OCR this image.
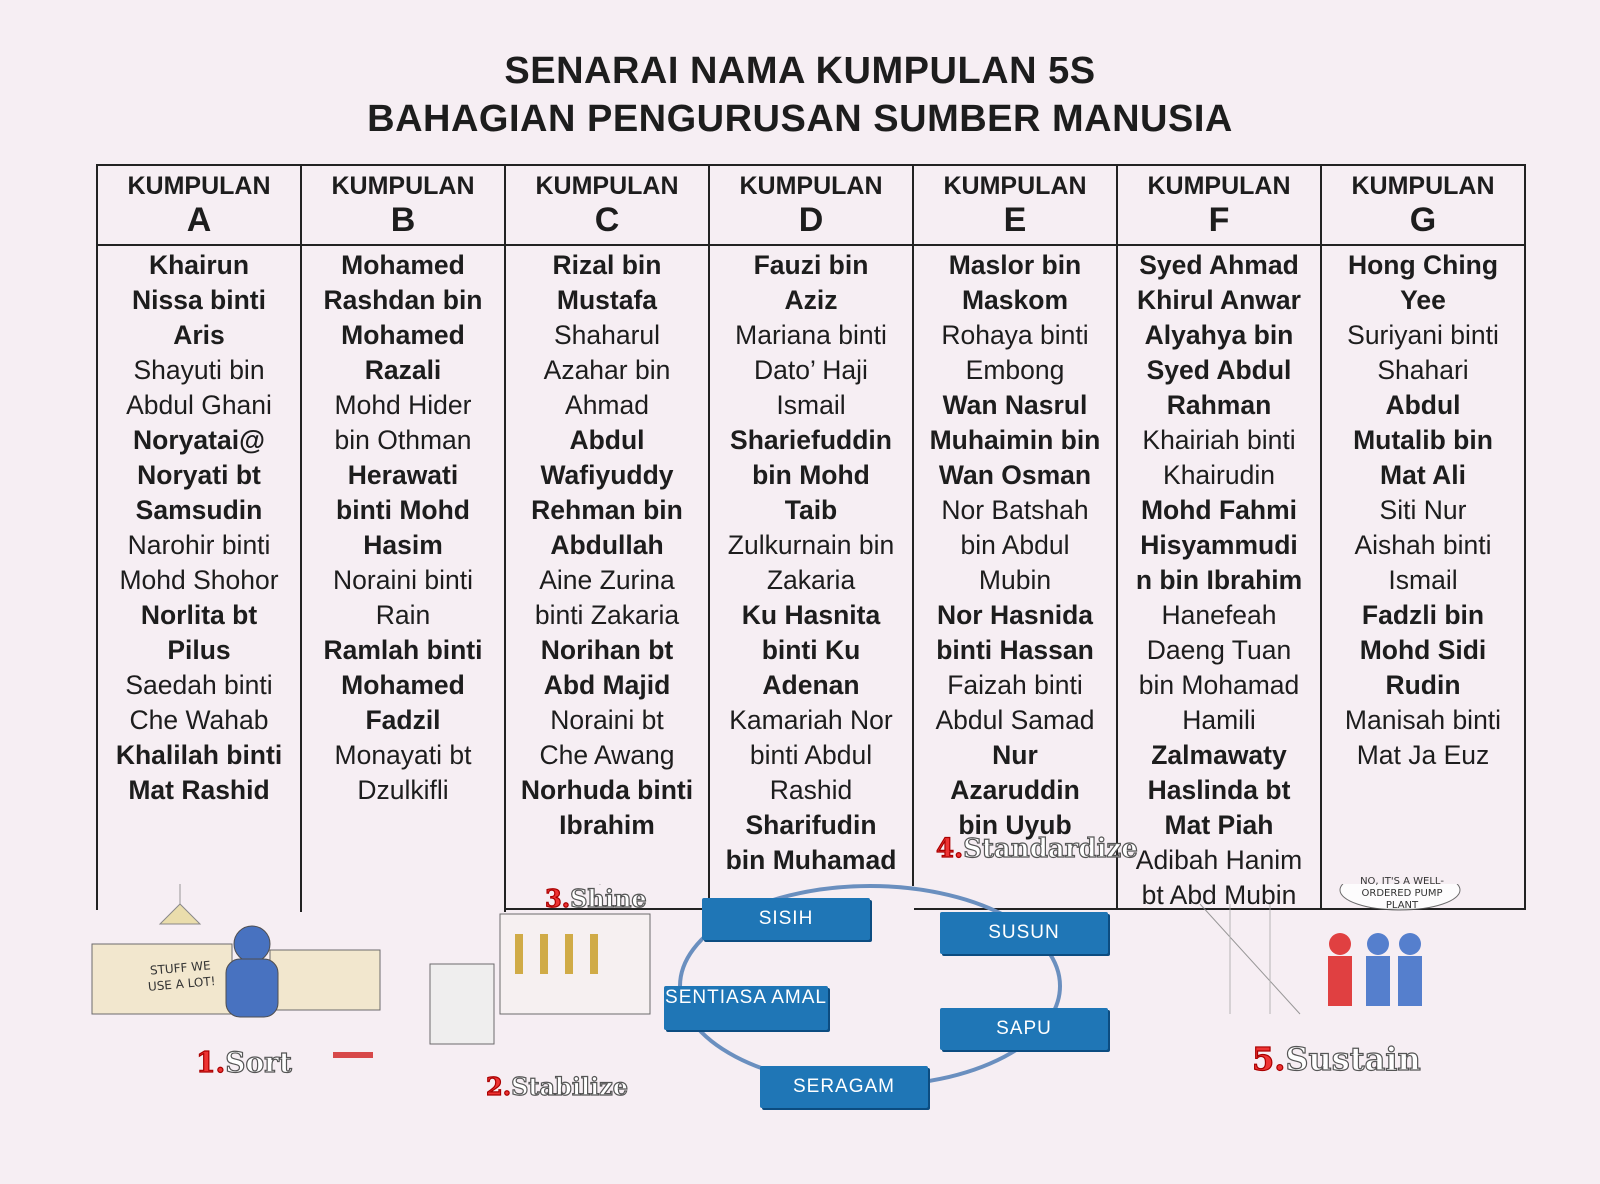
SENARAI NAMA KUMPULAN 5S
BAHAGIAN PENGURUSAN SUMBER MANUSIA
KUMPULAN
A
Khairun
Nissa binti
Aris
Shayuti bin
Abdul Ghani
Noryatai@
Noryati bt
Samsudin
Narohir binti
Mohd Shohor
Norlita bt
Pilus
Saedah binti
Che Wahab
Khalilah binti
Mat Rashid
KUMPULAN
B
Mohamed
Rashdan bin
Mohamed
Razali
Mohd Hider
bin Othman
Herawati
binti Mohd
Hasim
Noraini binti
Rain
Ramlah binti
Mohamed
Fadzil
Monayati bt
Dzulkifli
KUMPULAN
C
Rizal bin
Mustafa
Shaharul
Azahar bin
Ahmad
Abdul
Wafiyuddy
Rehman bin
Abdullah
Aine Zurina
binti Zakaria
Norihan bt
Abd Majid
Noraini bt
Che Awang
Norhuda binti
Ibrahim
KUMPULAN
D
Fauzi bin
Aziz
Mariana binti
Dato’ Haji
Ismail
Shariefuddin
bin Mohd
Taib
Zulkurnain bin
Zakaria
Ku Hasnita
binti Ku
Adenan
Kamariah Nor
binti Abdul
Rashid
Sharifudin
bin Muhamad
KUMPULAN
E
Maslor bin
Maskom
Rohaya binti
Embong
Wan Nasrul
Muhaimin bin
Wan Osman
Nor Batshah
bin Abdul
Mubin
Nor Hasnida
binti Hassan
Faizah binti
Abdul Samad
Nur
Azaruddin
bin Uyub
KUMPULAN
F
Syed Ahmad
Khirul Anwar
Alyahya bin
Syed Abdul
Rahman
Khairiah binti
Khairudin
Mohd Fahmi
Hisyammudi
n bin Ibrahim
Hanefeah
Daeng Tuan
bin Mohamad
Hamili
Zalmawaty
Haslinda bt
Mat Piah
Adibah Hanim
bt Abd Mubin
KUMPULAN
G
Hong Ching
Yee
Suriyani binti
Shahari
Abdul
Mutalib bin
Mat Ali
Siti Nur
Aishah binti
Ismail
Fadzli bin
Mohd Sidi
Rudin
Manisah binti
Mat Ja Euz
SISIH
SUSUN
SAPU
SERAGAM
SENTIASA AMAL
1.Sort
2.Stabilize
3.Shine
4.Standardize
5.Sustain
STUFF WE USE A LOT!
NO, IT'S A WELL-ORDERED PUMP PLANT
